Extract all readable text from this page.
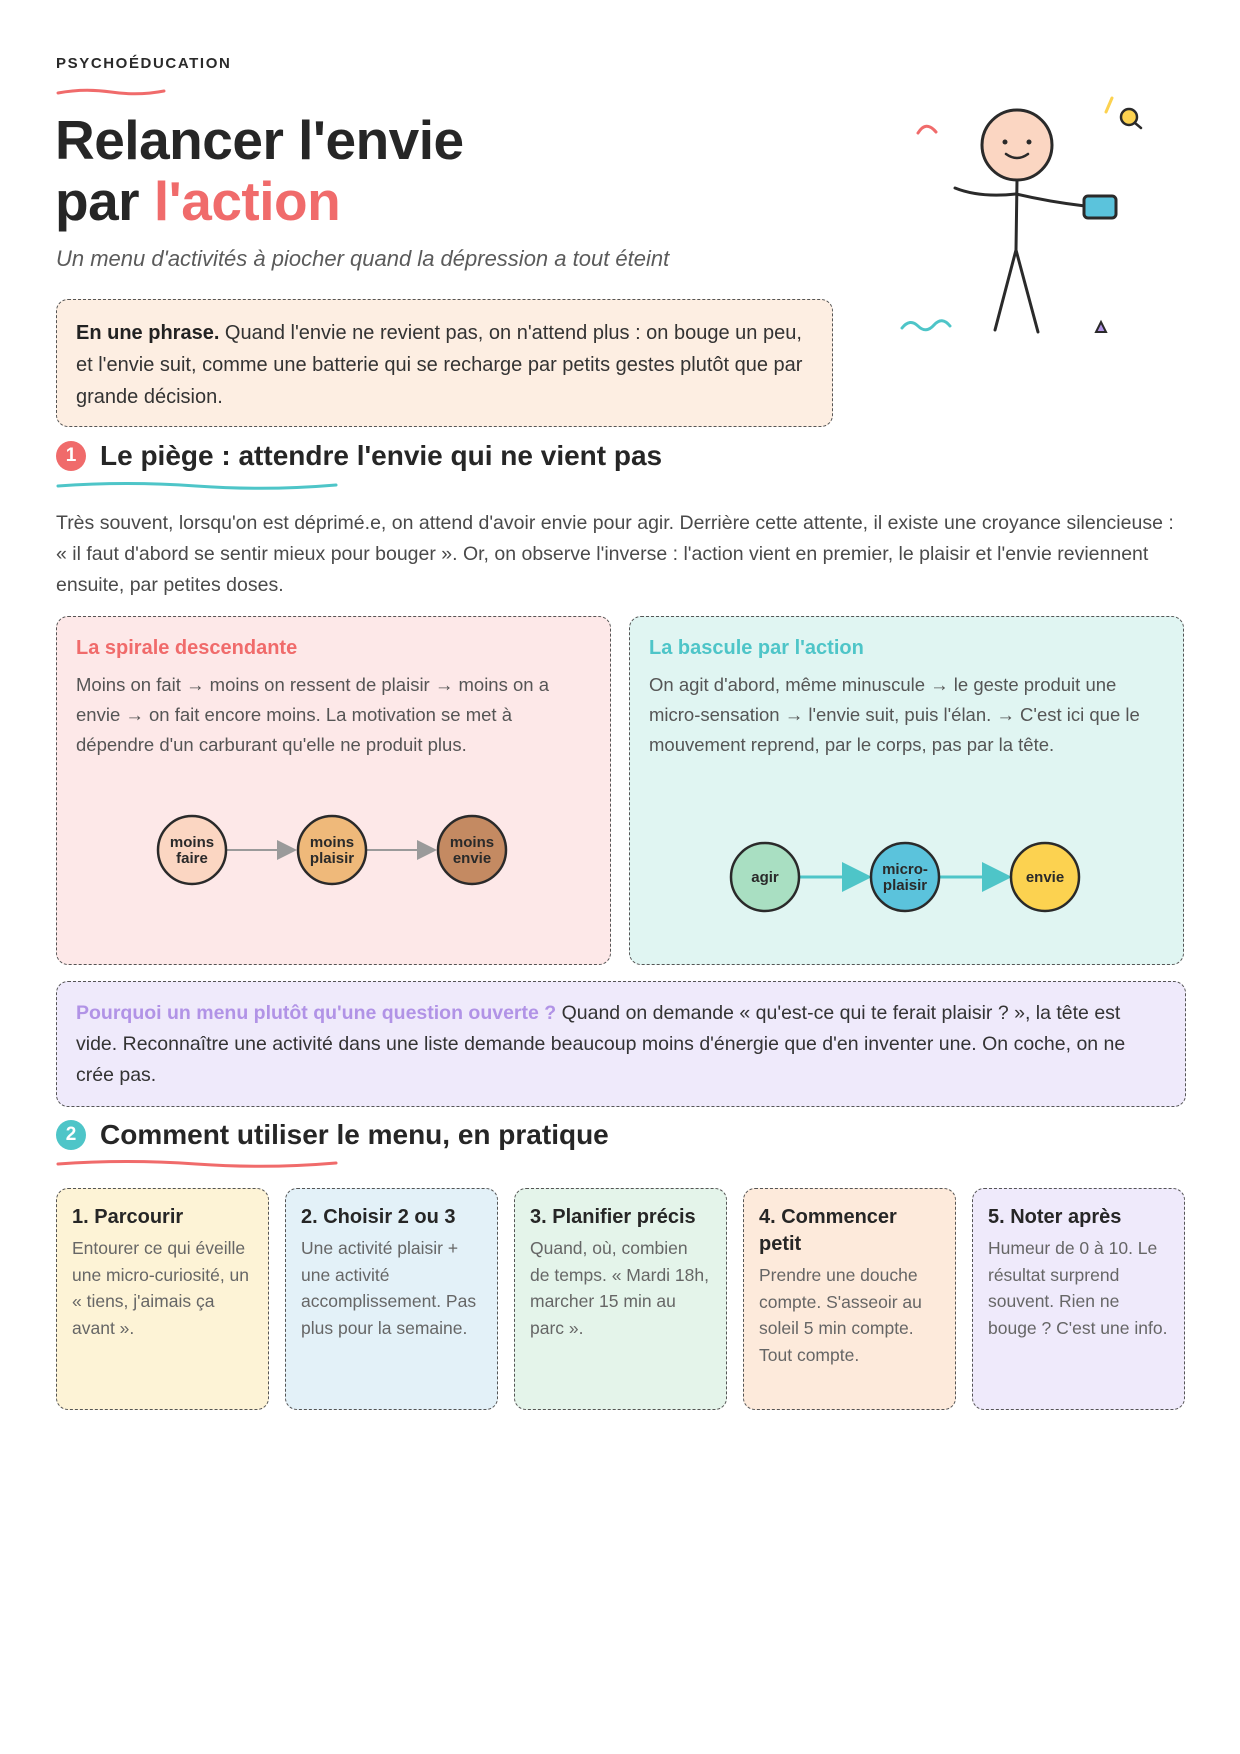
PSYCHOÉDUCATION
Relancer l'envie
par l'action
Un menu d'activités à piocher quand la dépression a tout éteint
En une phrase. Quand l'envie ne revient pas, on n'attend plus : on bouge un peu, et l'envie suit, comme une batterie qui se recharge par petits gestes plutôt que par grande décision.
1 Le piège : attendre l'envie qui ne vient pas
Très souvent, lorsqu'on est déprimé.e, on attend d'avoir envie pour agir. Derrière cette attente, il existe une croyance silencieuse : « il faut d'abord se sentir mieux pour bouger ». Or, on observe l'inverse : l'action vient en premier, le plaisir et l'envie reviennent ensuite, par petites doses.
La spirale descendante

Moins on fait → moins on ressent de plaisir → moins on a envie → on fait encore moins. La motivation se met à dépendre d'un carburant qu'elle ne produit plus.

moins
faire
moins
plaisir
moins
envie
La bascule par l'action

On agit d'abord, même minuscule → le geste produit une micro-sensation → l'envie suit, puis l'élan. → C'est ici que le mouvement reprend, par le corps, pas par la tête.

agir	micro-
plaisir	envie
Pourquoi un menu plutôt qu'une question ouverte ? Quand on demande « qu'est-ce qui te ferait plaisir ? », la tête est vide. Reconnaître une activité dans une liste demande beaucoup moins d'énergie que d'en inventer une. On coche, on ne crée pas.
2 Comment utiliser le menu, en pratique
1. Parcourir

Entourer ce qui éveille une micro-curiosité, un « tiens, j'aimais ça avant ».

2. Choisir 2 ou 3

Une activité plaisir + une activité accomplissement. Pas plus pour la semaine.

3. Planifier précis

Quand, où, combien de temps. « Mardi 18h, marcher 15 min au parc ».

4. Commencer petit

Prendre une douche compte. S'asseoir au soleil 5 min compte. Tout compte.

5. Noter après

Humeur de 0 à 10. Le résultat surprend souvent. Rien ne bouge ? C'est une info.
